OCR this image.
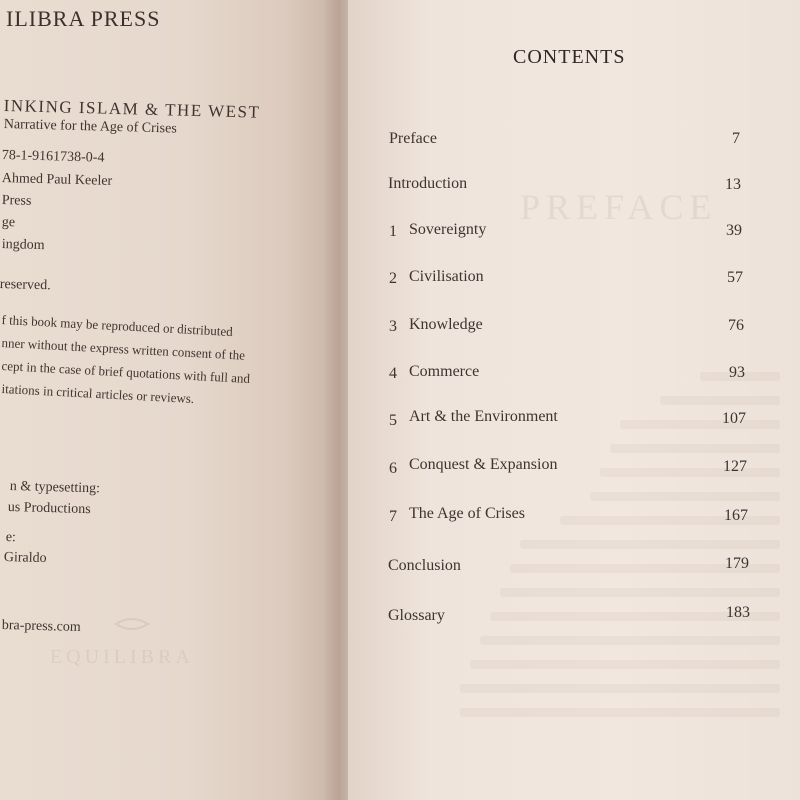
ILIBRA PRESS
INKING ISLAM & THE WEST
Narrative for the Age of Crises
78-1-9161738-0-4
Ahmed Paul Keeler
Press
ge
ingdom
reserved.
f this book may be reproduced or distributed
nner without the express written consent of the
cept in the case of brief quotations with full and
itations in critical articles or reviews.
n & typesetting:
us Productions
e:
Giraldo
bra-press.com
EQUILIBRA
PREFACE
CONTENTS
Preface	7
Introduction	13
1 Sovereignty	39
2 Civilisation	57
3 Knowledge	76
4 Commerce	93
5 Art & the Environment	107
6 Conquest & Expansion	127
7 The Age of Crises	167
Conclusion	179
Glossary	183
